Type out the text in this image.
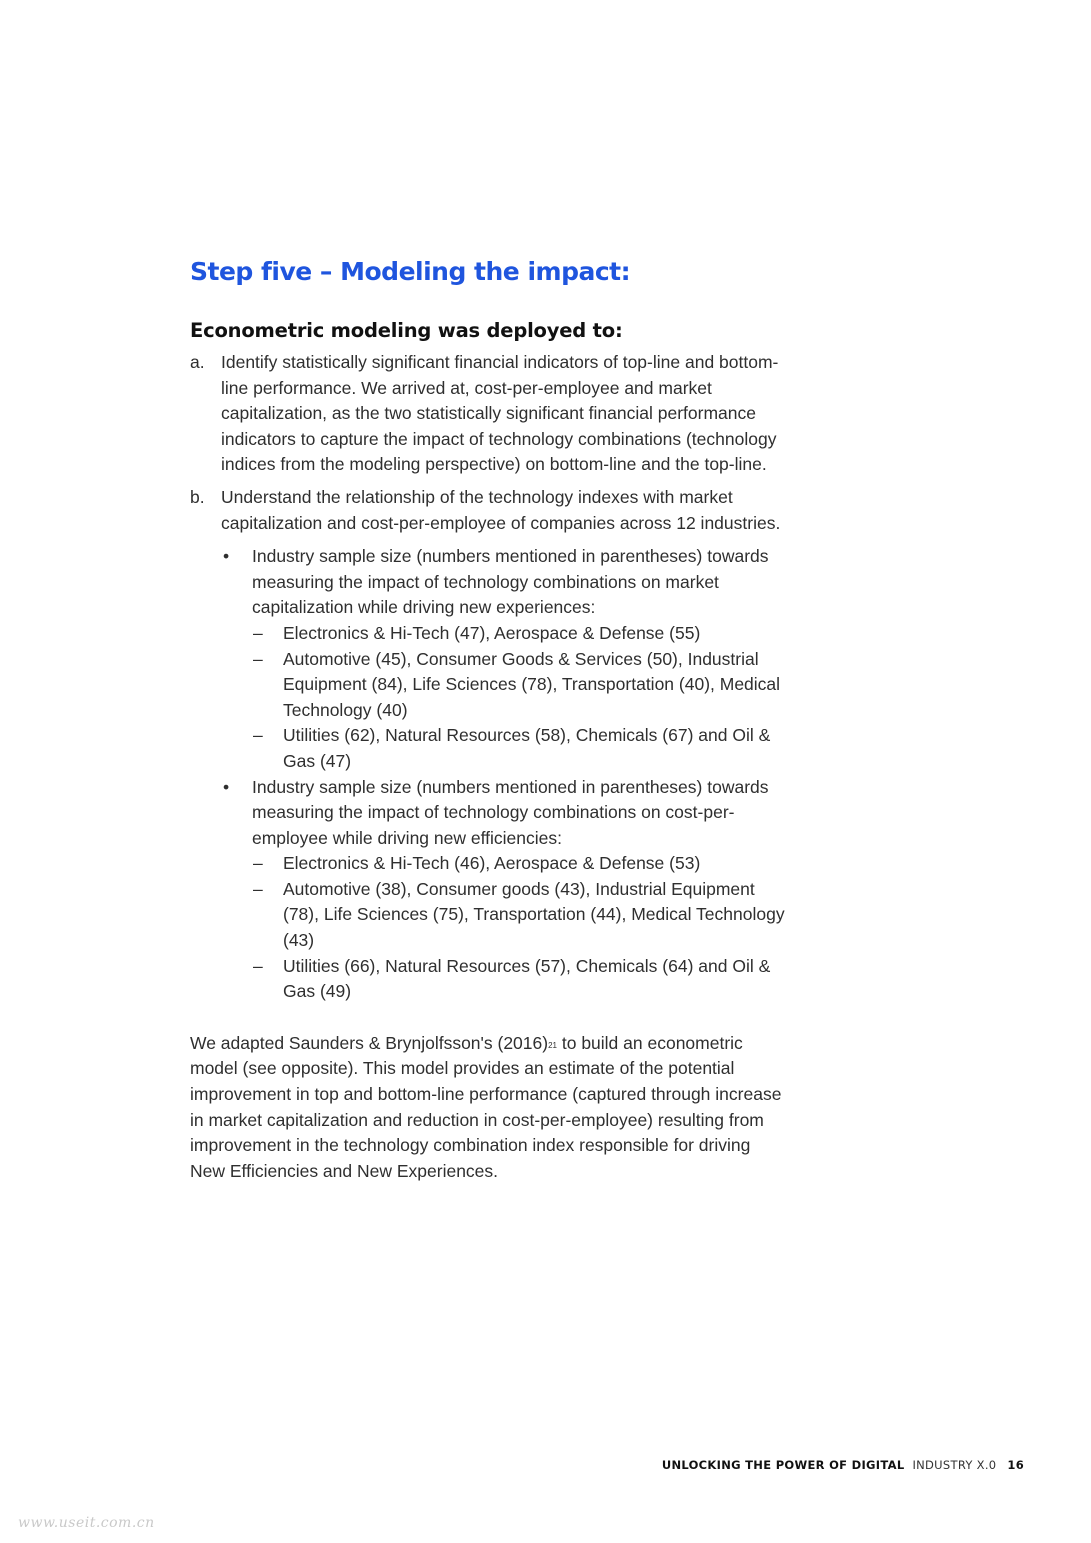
Step five – Modeling the impact:
Econometric modeling was deployed to:
a. Identify statistically significant financial indicators of top-line and bottom-line performance. We arrived at, cost-per-employee and market capitalization, as the two statistically significant financial performance indicators to capture the impact of technology combinations (technology indices from the modeling perspective) on bottom-line and the top-line.
b. Understand the relationship of the technology indexes with market capitalization and cost-per-employee of companies across 12 industries.
• Industry sample size (numbers mentioned in parentheses) towards measuring the impact of technology combinations on market capitalization while driving new experiences:
– Electronics & Hi-Tech (47), Aerospace & Defense (55)
– Automotive (45), Consumer Goods & Services (50), Industrial Equipment (84), Life Sciences (78), Transportation (40), Medical Technology (40)
– Utilities (62), Natural Resources (58), Chemicals (67) and Oil & Gas (47)
• Industry sample size (numbers mentioned in parentheses) towards measuring the impact of technology combinations on cost-per-employee while driving new efficiencies:
– Electronics & Hi-Tech (46), Aerospace & Defense (53)
– Automotive (38), Consumer goods (43), Industrial Equipment (78), Life Sciences (75), Transportation (44), Medical Technology (43)
– Utilities (66), Natural Resources (57), Chemicals (64) and Oil & Gas (49)

We adapted Saunders & Brynjolfsson's $(2016)^{21}$ to build an econometric model (see opposite). This model provides an estimate of the potential improvement in top and bottom-line performance (captured through increase in market capitalization and reduction in cost-per-employee) resulting from improvement in the technology combination index responsible for driving New Efficiencies and New Experiences.

UNLOCKING THE POWER OF DIGITAL INDUSTRY X.0 16
www.useit.com.cn
